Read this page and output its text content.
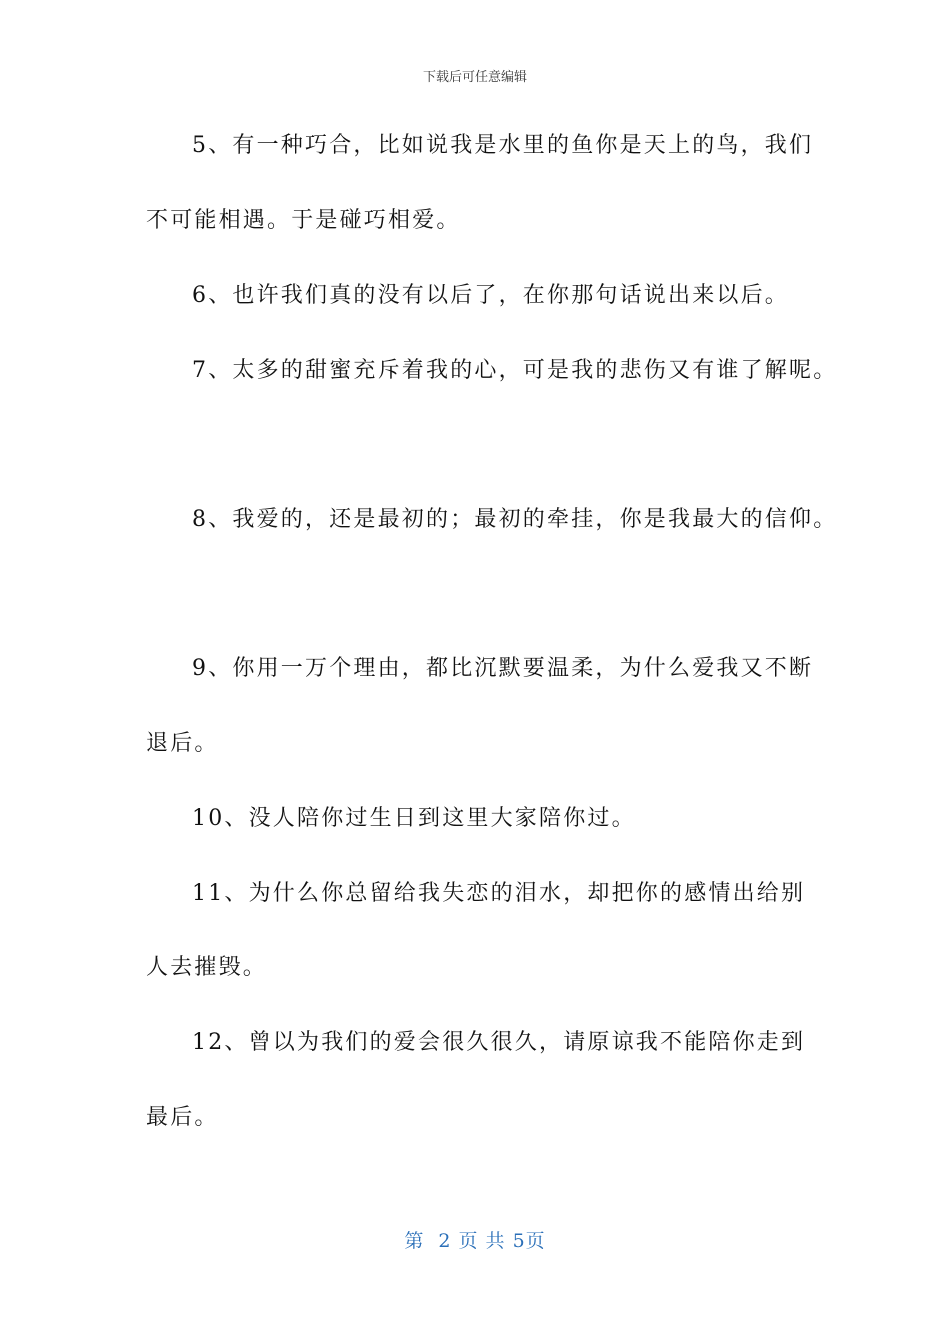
下载后可任意编辑
5、有一种巧合，比如说我是水里的鱼你是天上的鸟，我们
不可能相遇。于是碰巧相爱。
6、也许我们真的没有以后了，在你那句话说出来以后。
7、太多的甜蜜充斥着我的心，可是我的悲伤又有谁了解呢。
8、我爱的，还是最初的；最初的牵挂，你是我最大的信仰。
9、你用一万个理由，都比沉默要温柔，为什么爱我又不断
退后。
10、没人陪你过生日到这里大家陪你过。
11、为什么你总留给我失恋的泪水，却把你的感情出给别
人去摧毁。
12、曾以为我们的爱会很久很久，请原谅我不能陪你走到
最后。
第  2 页 共 5页
